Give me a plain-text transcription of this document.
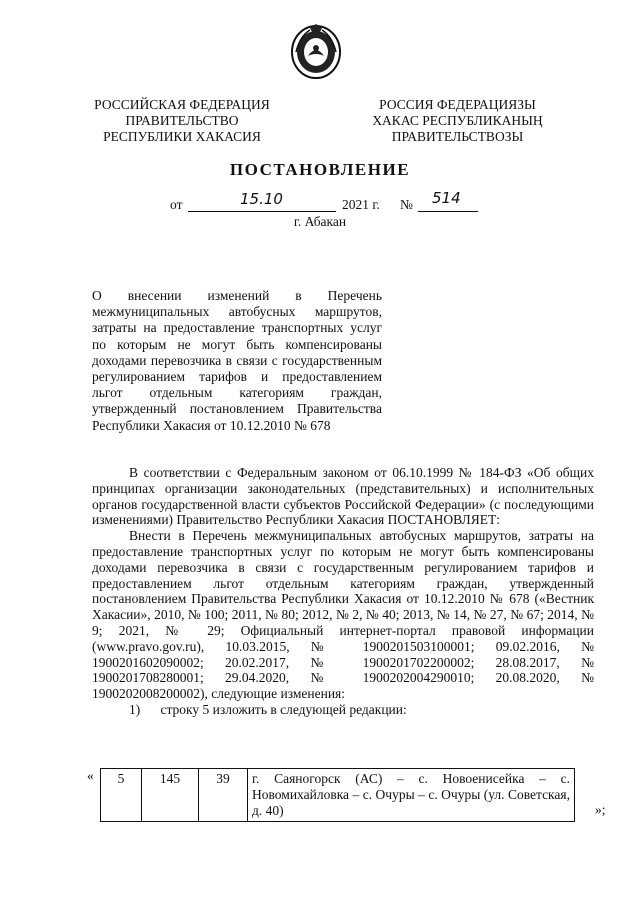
РОССИЙСКАЯ ФЕДЕРАЦИЯ
ПРАВИТЕЛЬСТВО
РЕСПУБЛИКИ ХАКАСИЯ
РОССИЯ ФЕДЕРАЦИЯЗЫ
ХАКАС РЕСПУБЛИКАНЫҢ
ПРАВИТЕЛЬСТВОЗЫ
ПОСТАНОВЛЕНИЕ
от	15.10	2021 г. № 514
г. Абакан

О внесении изменений в Перечень межмуниципальных автобусных маршрутов, затраты на предоставление транспортных услуг по которым не могут быть компенсированы доходами перевозчика в связи с государственным регулированием тарифов и предоставлением льгот отдельным категориям граждан, утвержденный постановлением Правительства Республики Хакасия от 10.12.2010 № 678

В соответствии с Федеральным законом от 06.10.1999 № 184-ФЗ «Об общих принципах организации законодательных (представительных) и исполнительных органов государственной власти субъектов Российской Федерации» (с последующими изменениями) Правительство Республики Хакасия ПОСТАНОВЛЯЕТ:

Внести в Перечень межмуниципальных автобусных маршрутов, затраты на предоставление транспортных услуг по которым не могут быть компенсированы доходами перевозчика в связи с государственным регулированием тарифов и предоставлением льгот отдельным категориям граждан, утвержденный постановлением Правительства Республики Хакасия от 10.12.2010 № 678 («Вестник Хакасии», 2010, № 100; 2011, № 80; 2012, № 2, № 40; 2013, № 14, № 27, № 67; 2014, № 9; 2021, № 29; Официальный интернет-портал правовой информации (www.pravo.gov.ru), 10.03.2015, № 1900201503100001; 09.02.2016, № 1900201602090002; 20.02.2017, № 1900201702200002; 28.08.2017, № 1900201708280001; 29.04.2020, № 1900202004290010; 20.08.2020, № 1900202008200002), следующие изменения:

1)      строку 5 изложить в следующей редакции:

« 5	145	39	г. Саяногорск (АС) – с. Новоенисейка – с. Новомихайловка – с. Очуры – с. Очуры (ул. Советская, д. 40)	»;
